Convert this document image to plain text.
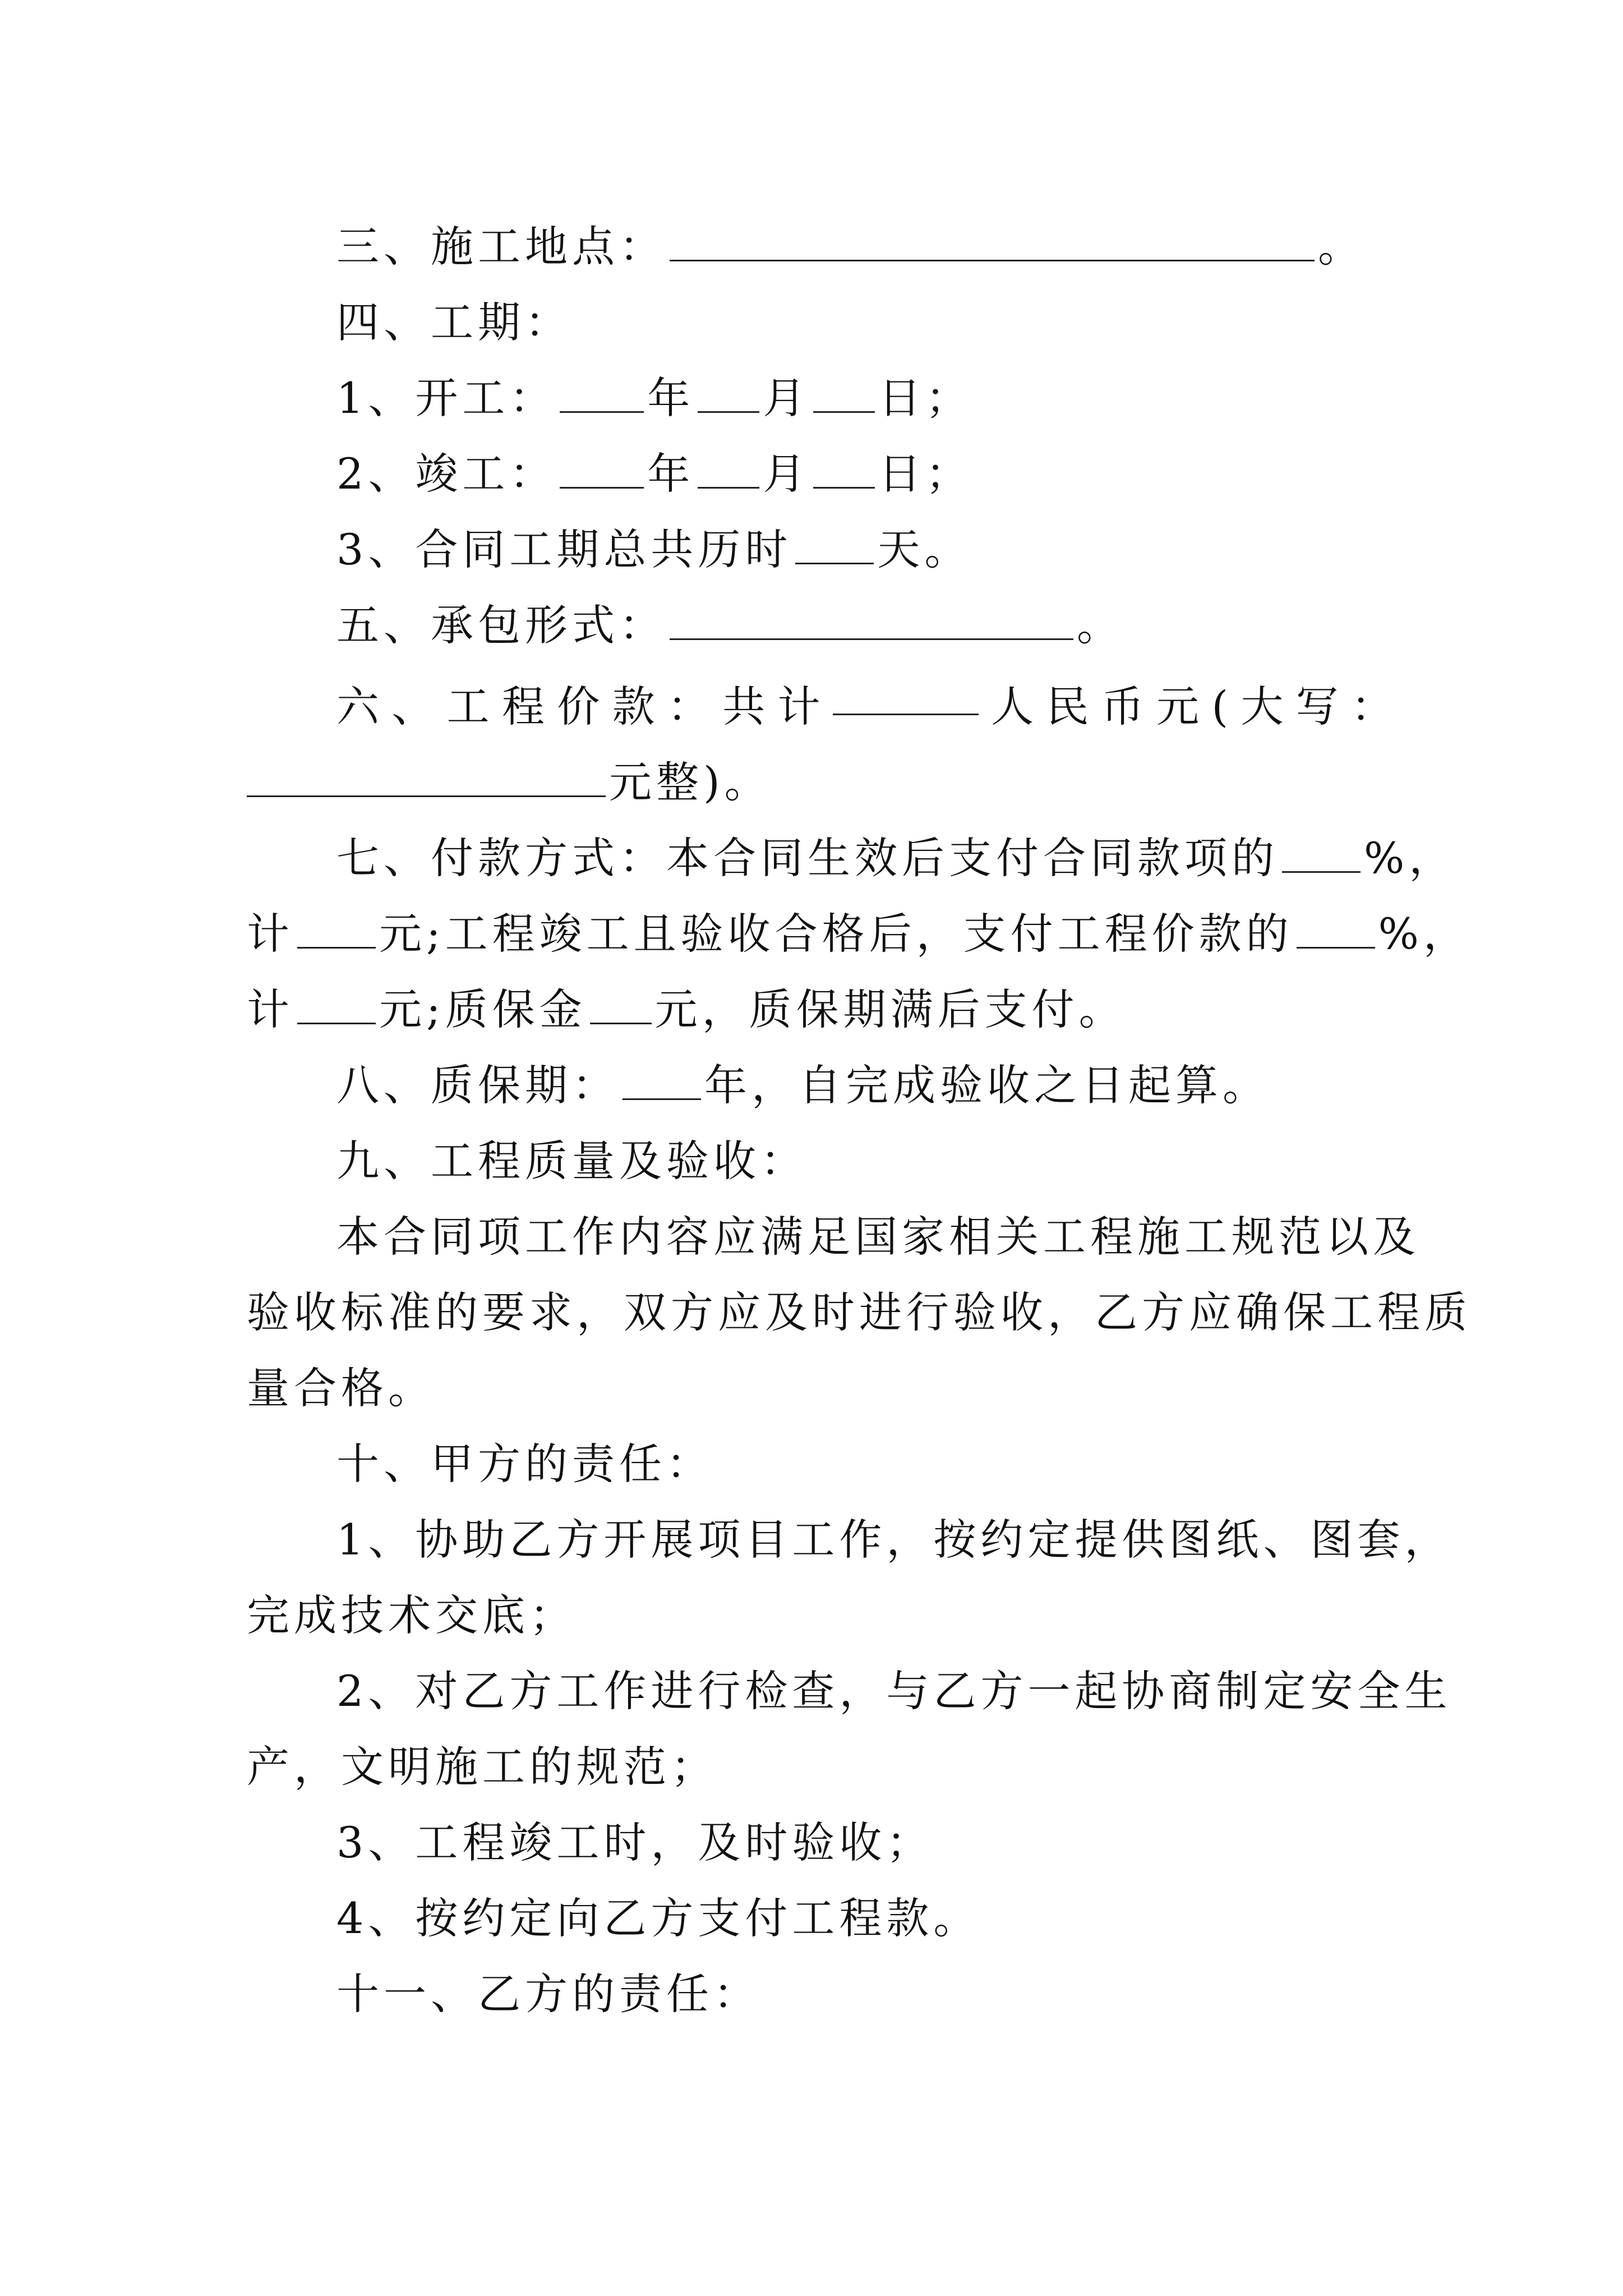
三、施工地点：	。
四、工期：
1、开工： 年 月 日；
2、竣工： 年 月 日；
3、合同工期总共历时 天。
五、承包形式：	。
六 、 工 程 价 款 ： 共 计	人 民 币 元 ( 大 写 ：
元整)。
七、付款方式：本合同生效后支付合同款项的 %，
计 元;工程竣工且验收合格后，支付工程价款的 %，
计 元;质保金 元，质保期满后支付。
八、质保期： 年，自完成验收之日起算。
九、工程质量及验收：
本合同项工作内容应满足国家相关工程施工规范以及
验收标准的要求，双方应及时进行验收，乙方应确保工程质
量合格。
十、甲方的责任：
1、协助乙方开展项目工作，按约定提供图纸、图套，
完成技术交底；
2、对乙方工作进行检查，与乙方一起协商制定安全生
产，文明施工的规范；
3、工程竣工时，及时验收；
4、按约定向乙方支付工程款。
十一、乙方的责任：
